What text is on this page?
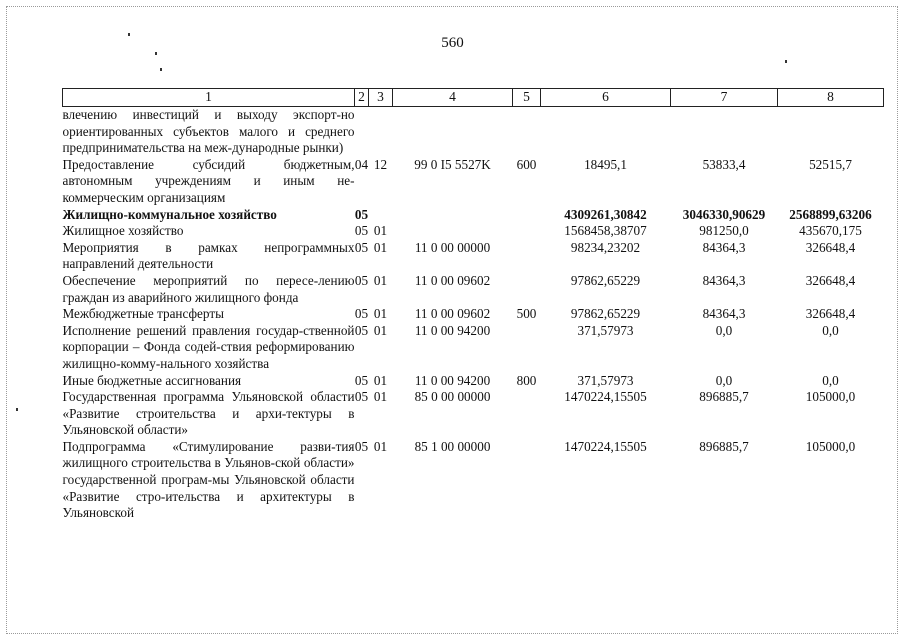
560
1	2	3	4	5	6	7	8
влечению инвестиций и выходу экспорт-но ориентированных субъектов малого и среднего предпринимательства на меж-дународные рынки)							
Предоставление субсидий бюджетным, автономным учреждениям и иным не-коммерческим организациям	04	12	99 0 I5 5527K	600	18495,1	53833,4	52515,7
Жилищно-коммунальное хозяйство	05				4309261,30842	3046330,90629	2568899,63206
Жилищное хозяйство	05	01			1568458,38707	981250,0	435670,175
Мероприятия в рамках непрограммных направлений деятельности	05	01	11 0 00 00000		98234,23202	84364,3	326648,4
Обеспечение мероприятий по пересе-лению граждан из аварийного жилищного фонда	05	01	11 0 00 09602		97862,65229	84364,3	326648,4
Межбюджетные трансферты	05	01	11 0 00 09602	500	97862,65229	84364,3	326648,4
Исполнение решений правления государ-ственной корпорации – Фонда содей-ствия реформированию жилищно-комму-нального хозяйства	05	01	11 0 00 94200		371,57973	0,0	0,0
Иные бюджетные ассигнования	05	01	11 0 00 94200	800	371,57973	0,0	0,0
Государственная программа Ульяновской области «Развитие строительства и архи-тектуры в Ульяновской области»	05	01	85 0 00 00000		1470224,15505	896885,7	105000,0
Подпрограмма «Стимулирование разви-тия жилищного строительства в Ульянов-ской области» государственной програм-мы Ульяновской области «Развитие стро-ительства и архитектуры в Ульяновской	05	01	85 1 00 00000		1470224,15505	896885,7	105000,0
